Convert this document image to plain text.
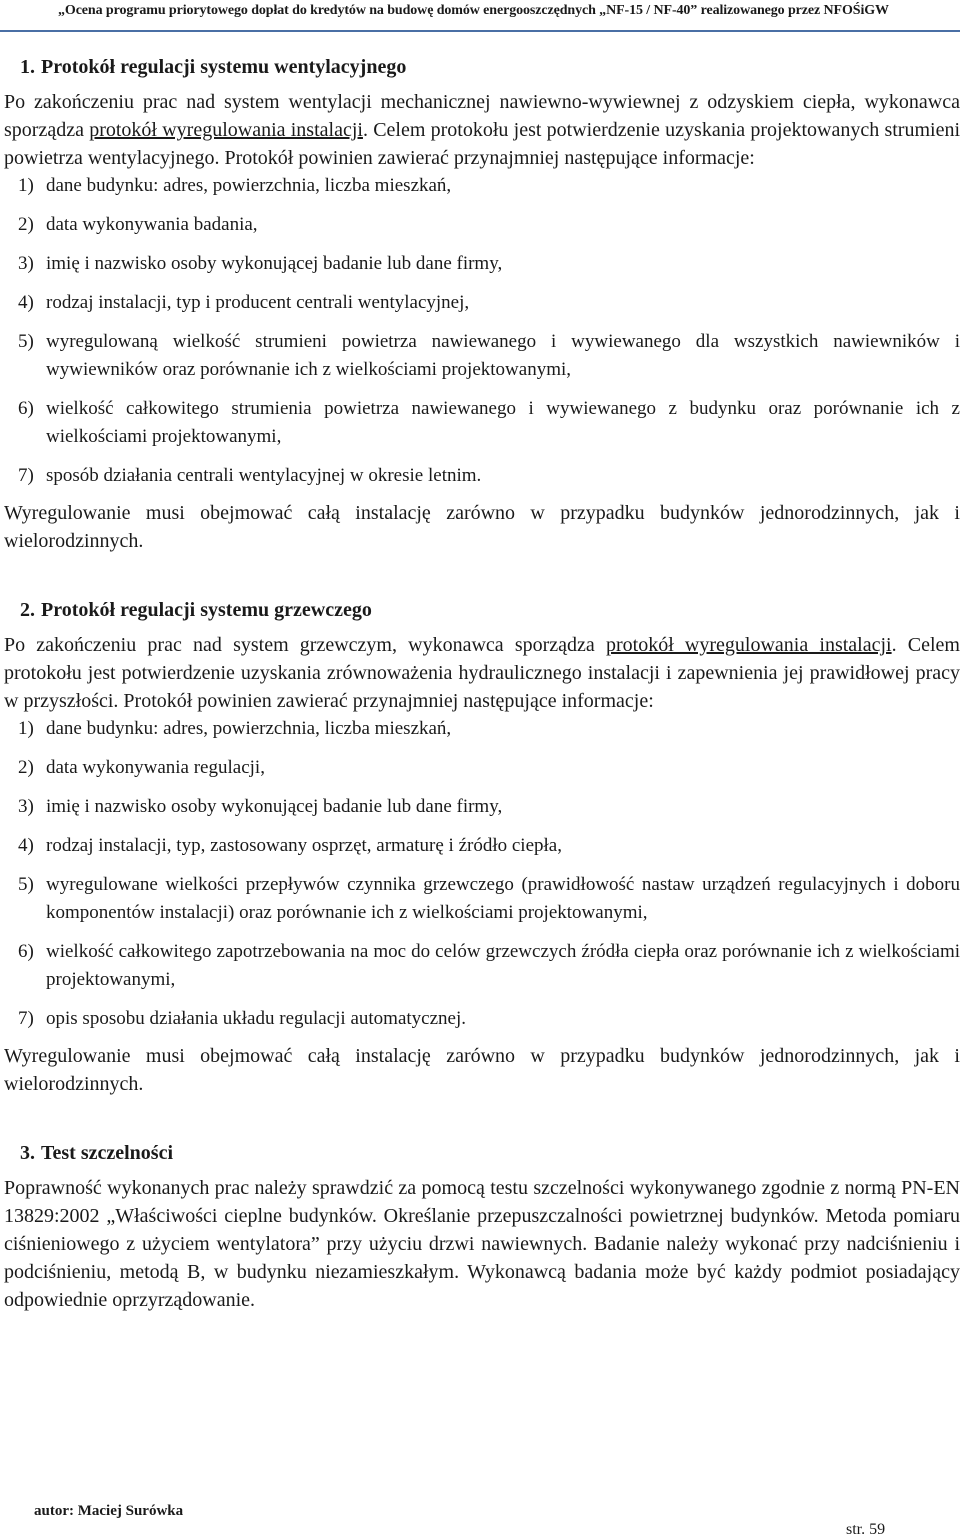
„Ocena programu priorytowego dopłat do kredytów na budowę domów energooszczędnych „NF-15 / NF-40” realizowanego przez NFOŚiGW
1. Protokół regulacji systemu wentylacyjnego

Po zakończeniu prac nad system wentylacji mechanicznej nawiewno-wywiewnej z odzyskiem ciepła, wykonawca sporządza protokół wyregulowania instalacji. Celem protokołu jest potwierdzenie uzyskania projektowanych strumieni powietrza wentylacyjnego. Protokół powinien zawierać przynajmniej następujące informacje:

1) dane budynku: adres, powierzchnia, liczba mieszkań,
2) data wykonywania badania,
3) imię i nazwisko osoby wykonującej badanie lub dane firmy,
4) rodzaj instalacji, typ i producent centrali wentylacyjnej,
5) wyregulowaną wielkość strumieni powietrza nawiewanego i wywiewanego dla wszystkich nawiewników i wywiewników oraz porównanie ich z wielkościami projektowanymi,
6) wielkość całkowitego strumienia powietrza nawiewanego i wywiewanego z budynku oraz porównanie ich z wielkościami projektowanymi,
7) sposób działania centrali wentylacyjnej w okresie letnim.

Wyregulowanie musi obejmować całą instalację zarówno w przypadku budynków jednorodzinnych, jak i wielorodzinnych.

2. Protokół regulacji systemu grzewczego

Po zakończeniu prac nad system grzewczym, wykonawca sporządza protokół wyregulowania instalacji. Celem protokołu jest potwierdzenie uzyskania zrównoważenia hydraulicznego instalacji i zapewnienia jej prawidłowej pracy w przyszłości. Protokół powinien zawierać przynajmniej następujące informacje:

1) dane budynku: adres, powierzchnia, liczba mieszkań,
2) data wykonywania regulacji,
3) imię i nazwisko osoby wykonującej badanie lub dane firmy,
4) rodzaj instalacji, typ, zastosowany osprzęt, armaturę i źródło ciepła,
5) wyregulowane wielkości przepływów czynnika grzewczego (prawidłowość nastaw urządzeń regulacyjnych i doboru komponentów instalacji) oraz porównanie ich z wielkościami projektowanymi,
6) wielkość całkowitego zapotrzebowania na moc do celów grzewczych źródła ciepła oraz porównanie ich z wielkościami projektowanymi,
7) opis sposobu działania układu regulacji automatycznej.

Wyregulowanie musi obejmować całą instalację zarówno w przypadku budynków jednorodzinnych, jak i wielorodzinnych.

3. Test szczelności

Poprawność wykonanych prac należy sprawdzić za pomocą testu szczelności wykonywanego zgodnie z normą PN-EN 13829:2002 „Właściwości cieplne budynków. Określanie przepuszczalności powietrznej budynków. Metoda pomiaru ciśnieniowego z użyciem wentylatora” przy użyciu drzwi nawiewnych. Badanie należy wykonać przy nadciśnieniu i podciśnieniu, metodą B, w budynku niezamieszkałym. Wykonawcą badania może być każdy podmiot posiadający odpowiednie oprzyrządowanie.

autor: Maciej Surówka
str. 59
